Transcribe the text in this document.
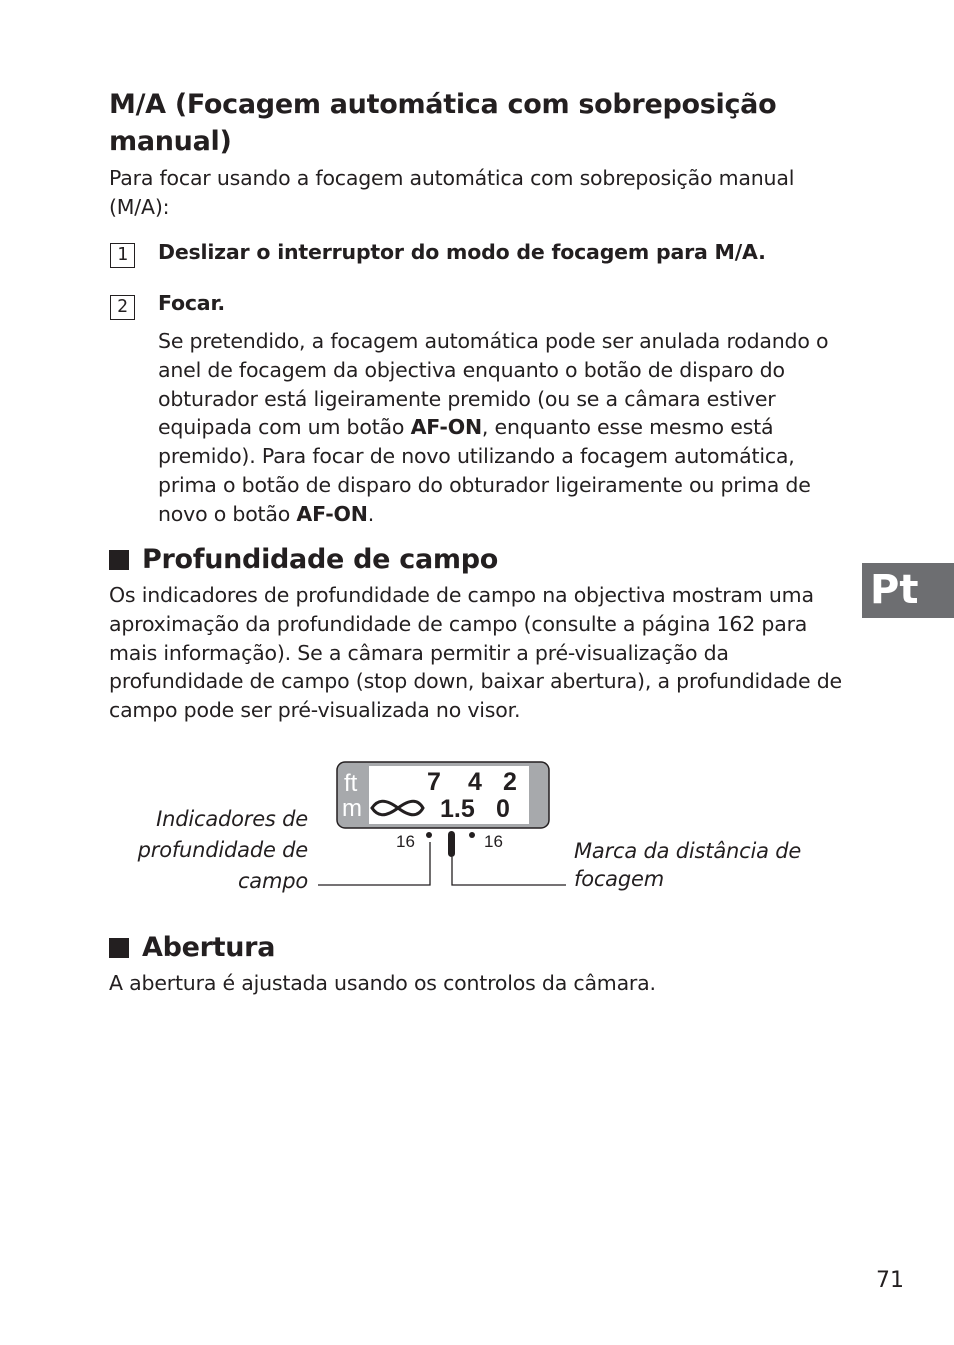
M/A (Focagem automática com sobreposição manual)
Para focar usando a focagem automática com sobreposição manual (M/A):
1	Deslizar o interruptor do modo de focagem para M/A.
2	Focar.
Se pretendido, a focagem automática pode ser anulada rodando o anel de focagem da objectiva enquanto o botão de disparo do obturador está ligeiramente premido (ou se a câmara estiver equipada com um botão AF-ON, enquanto esse mesmo está premido). Para focar de novo utilizando a focagem automática, prima o botão de disparo do obturador ligeiramente ou prima de novo o botão AF-ON.
Profundidade de campo
Os indicadores de profundidade de campo na objectiva mostram uma aproximação da profundidade de campo (consulte a página 162 para mais informação). Se a câmara permitir a pré-visualização da profundidade de campo (stop down, baixar abertura), a profundidade de campo pode ser pré-visualizada no visor.
Indicadores de
profundidade de
campo
Marca da distância de
focagem
ft
m
7 4 2
1.5 0
16	16
Abertura
A abertura é ajustada usando os controlos da câmara.
Pt
71
